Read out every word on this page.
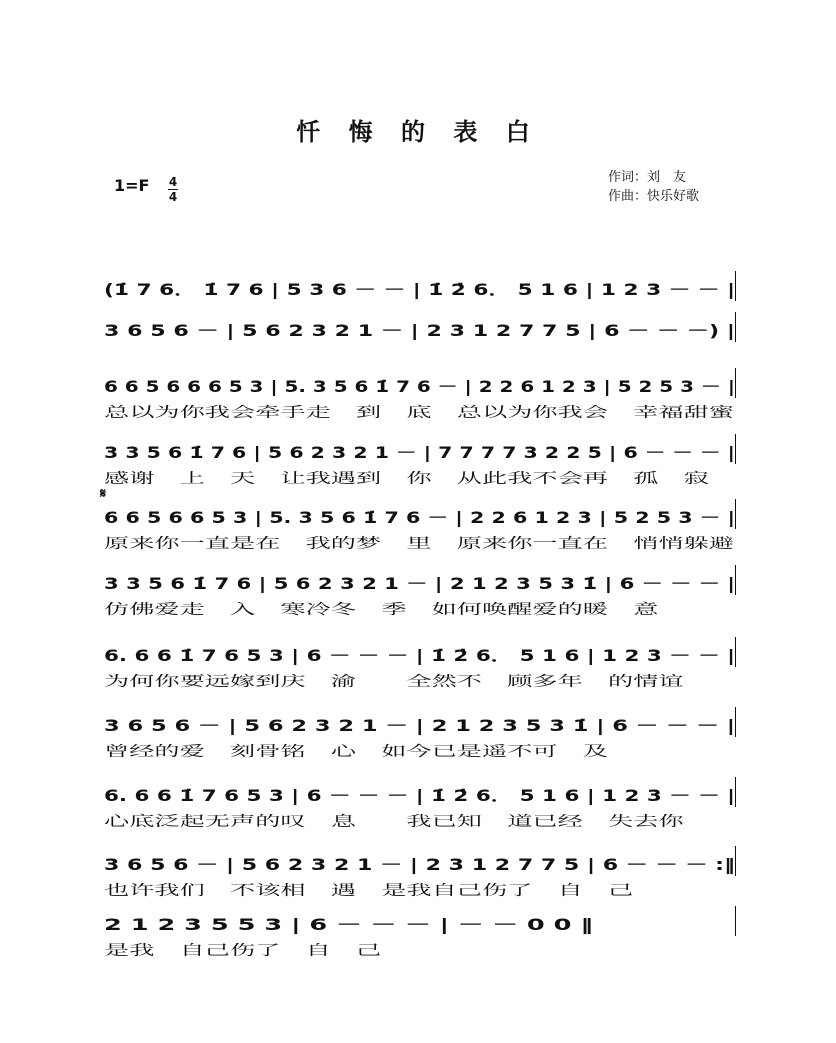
忏 悔 的 表 白
1=F 4
4
作词：刘　友
作曲：快乐好歌
𝄋
(1̇ 7 6． 1̇ 7 6 | 5 3 6 － － | 1̇ 2̇ 6． 5 1 6 | 1 2 3 － － |
3 6 5 6 － | 5 6 2 3 2 1 － | 2 3 1 2 7 7 5 | 6 － － －) |
6 6 5 6 6 6 5 3 | 5. 3 5 6 1̇ 7 6 － | 2 2 6 1 2 3 | 5 2 5 3 － |
总以为你我会牵手走　到　底　总以为你我会　幸福甜蜜
3 3 5 6 1̇ 7 6 | 5 6 2 3 2 1 － | 7 7 7 7 3 2 2 5 | 6 － － － |
感谢　上　天　让我遇到　你　从此我不会再　孤　寂
6 6 5 6 6 5 3 | 5. 3 5 6 1̇ 7 6 － | 2 2 6 1 2 3 | 5 2 5 3 － |
原来你一直是在　我的梦　里　原来你一直在　悄悄躲避
3 3 5 6 1̇ 7 6 | 5 6 2 3 2 1 － | 2 1 2 3 5 3 1̇ | 6 － － － |
仿佛爱走　入　寒冷冬　季　如何唤醒爱的暖　意
6. 6 6 1̇ 7 6 5 3 | 6 － － － | 1̇ 2̇ 6． 5 1 6 | 1 2 3 － － |
为何你要远嫁到庆　渝　　全然不　顾多年　的情谊
3 6 5 6 － | 5 6 2 3 2 1 － | 2 1 2 3 5 3 1̇ | 6 － － － |
曾经的爱　刻骨铭　心　如今已是遥不可　及
6. 6 6 1̇ 7 6 5 3 | 6 － － － | 1̇ 2̇ 6． 5 1 6 | 1 2 3 － － |
心底泛起无声的叹　息　　我已知　道已经　失去你
3 6 5 6 － | 5 6 2 3 2 1 － | 2 3 1 2 7 7 5 | 6 － － － :‖
也许我们　不该相　遇　是我自己伤了　自　己
2 1 2 3 5 5 3 | 6 － － － | － － 0 0 ‖
是我　自己伤了　自　己
